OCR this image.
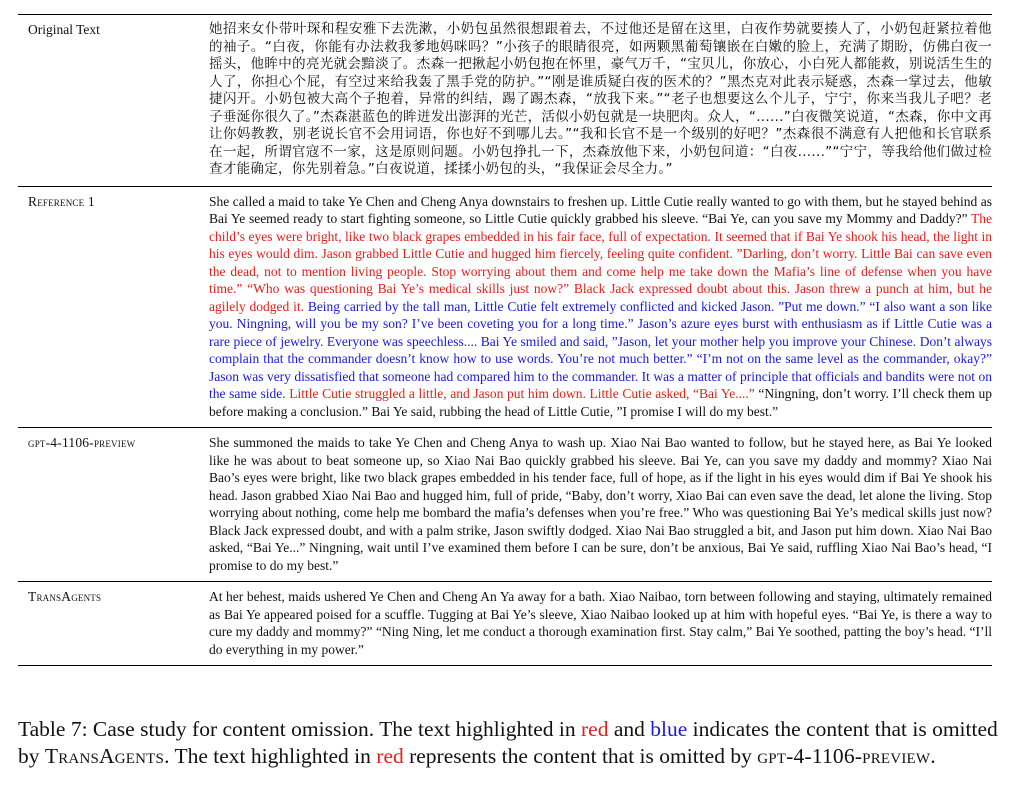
Original Text	她招来女仆带叶琛和程安雅下去洗漱，小奶包虽然很想跟着去，不过他还是留在这里，白夜作势就要揍人了，小奶包赶紧拉着他的袖子。“白夜，你能有办法救我爹地妈咪吗？”小孩子的眼睛很亮，如两颗黑葡萄镶嵌在白嫩的脸上，充满了期盼，仿佛白夜一摇头，他眸中的亮光就会黯淡了。杰森一把揪起小奶包抱在怀里，豪气万千，“宝贝儿，你放心，小白死人都能救，别说活生生的人了，你担心个屁，有空过来给我轰了黑手党的防护。”“刚是谁质疑白夜的医术的？”黑杰克对此表示疑惑，杰森一掌过去，他敏捷闪开。小奶包被大高个子抱着，异常的纠结，踢了踢杰森，“放我下来。”“老子也想要这么个儿子，宁宁，你来当我儿子吧？老子垂涎你很久了。”杰森湛蓝色的眸迸发出澎湃的光芒，活似小奶包就是一块肥肉。众人，“......”白夜微笑说道，“杰森，你中文再让你妈教教，别老说长官不会用词语，你也好不到哪儿去。”“我和长官不是一个级别的好吧？”杰森很不满意有人把他和长官联系在一起，所谓官寇不一家，这是原则问题。小奶包挣扎一下，杰森放他下来，小奶包问道：“白夜......”“宁宁，等我给他们做过检查才能确定，你先别着急。”白夜说道，揉揉小奶包的头，“我保证会尽全力。”
Reference 1	She called a maid to take Ye Chen and Cheng Anya downstairs to freshen up. Little Cutie really wanted to go with them, but he stayed behind as Bai Ye seemed ready to start fighting someone, so Little Cutie quickly grabbed his sleeve. “Bai Ye, can you save my Mommy and Daddy?” The child’s eyes were bright, like two black grapes embedded in his fair face, full of expectation. It seemed that if Bai Ye shook his head, the light in his eyes would dim. Jason grabbed Little Cutie and hugged him fiercely, feeling quite confident. ”Darling, don’t worry. Little Bai can save even the dead, not to mention living people. Stop worrying about them and come help me take down the Mafia’s line of defense when you have time.” “Who was questioning Bai Ye’s medical skills just now?” Black Jack expressed doubt about this. Jason threw a punch at him, but he agilely dodged it. Being carried by the tall man, Little Cutie felt extremely conflicted and kicked Jason. ”Put me down.” “I also want a son like you. Ningning, will you be my son? I’ve been coveting you for a long time.” Jason’s azure eyes burst with enthusiasm as if Little Cutie was a rare piece of jewelry. Everyone was speechless.... Bai Ye smiled and said, ”Jason, let your mother help you improve your Chinese. Don’t always complain that the commander doesn’t know how to use words. You’re not much better.” “I’m not on the same level as the commander, okay?” Jason was very dissatisfied that someone had compared him to the commander. It was a matter of principle that officials and bandits were not on the same side. Little Cutie struggled a little, and Jason put him down. Little Cutie asked, “Bai Ye....” “Ningning, don’t worry. I’ll check them up before making a conclusion.” Bai Ye said, rubbing the head of Little Cutie, ”I promise I will do my best.”
gpt-4-1106-preview	She summoned the maids to take Ye Chen and Cheng Anya to wash up. Xiao Nai Bao wanted to follow, but he stayed here, as Bai Ye looked like he was about to beat someone up, so Xiao Nai Bao quickly grabbed his sleeve. Bai Ye, can you save my daddy and mommy? Xiao Nai Bao’s eyes were bright, like two black grapes embedded in his tender face, full of hope, as if the light in his eyes would dim if Bai Ye shook his head. Jason grabbed Xiao Nai Bao and hugged him, full of pride, “Baby, don’t worry, Xiao Bai can even save the dead, let alone the living. Stop worrying about nothing, come help me bombard the mafia’s defenses when you’re free.” Who was questioning Bai Ye’s medical skills just now? Black Jack expressed doubt, and with a palm strike, Jason swiftly dodged. Xiao Nai Bao struggled a bit, and Jason put him down. Xiao Nai Bao asked, “Bai Ye...” Ningning, wait until I’ve examined them before I can be sure, don’t be anxious, Bai Ye said, ruffling Xiao Nai Bao’s head, “I promise to do my best.”
TransAgents	At her behest, maids ushered Ye Chen and Cheng An Ya away for a bath. Xiao Naibao, torn between following and staying, ultimately remained as Bai Ye appeared poised for a scuffle. Tugging at Bai Ye’s sleeve, Xiao Naibao looked up at him with hopeful eyes. “Bai Ye, is there a way to cure my daddy and mommy?” “Ning Ning, let me conduct a thorough examination first. Stay calm,” Bai Ye soothed, patting the boy’s head. “I’ll do everything in my power.”
Table 7: Case study for content omission. The text highlighted in red and blue indicates the content that is omitted by TransAgents. The text highlighted in red represents the content that is omitted by gpt-4-1106-preview.
